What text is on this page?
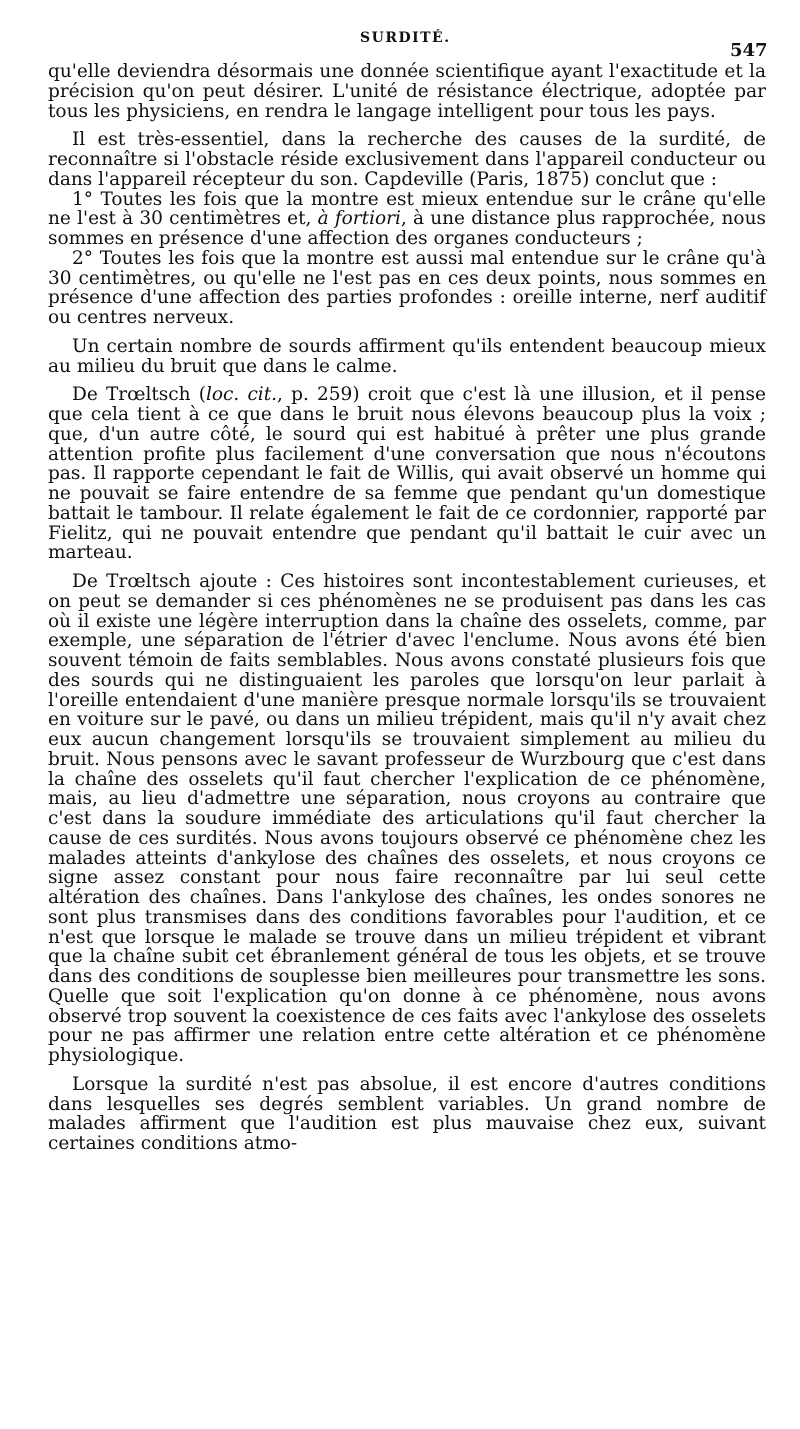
SURDITÉ.
547

qu'elle deviendra désormais une donnée scientifique ayant l'exactitude et la précision qu'on peut désirer. L'unité de résistance électrique, adoptée par tous les physiciens, en rendra le langage intelligent pour tous les pays.

Il est très-essentiel, dans la recherche des causes de la surdité, de reconnaître si l'obstacle réside exclusivement dans l'appareil conducteur ou dans l'appareil récepteur du son. Capdeville (Paris, 1875) conclut que :

1° Toutes les fois que la montre est mieux entendue sur le crâne qu'elle ne l'est à 30 centimètres et, à fortiori, à une distance plus rapprochée, nous sommes en présence d'une affection des organes conducteurs ;

2° Toutes les fois que la montre est aussi mal entendue sur le crâne qu'à 30 centimètres, ou qu'elle ne l'est pas en ces deux points, nous sommes en présence d'une affection des parties profondes : oreille interne, nerf auditif ou centres nerveux.

Un certain nombre de sourds affirment qu'ils entendent beaucoup mieux au milieu du bruit que dans le calme.

De Trœltsch (loc. cit., p. 259) croit que c'est là une illusion, et il pense que cela tient à ce que dans le bruit nous élevons beaucoup plus la voix ; que, d'un autre côté, le sourd qui est habitué à prêter une plus grande attention profite plus facilement d'une conversation que nous n'écoutons pas. Il rapporte cependant le fait de Willis, qui avait observé un homme qui ne pouvait se faire entendre de sa femme que pendant qu'un domestique battait le tambour. Il relate également le fait de ce cordonnier, rapporté par Fielitz, qui ne pouvait entendre que pendant qu'il battait le cuir avec un marteau.

De Trœltsch ajoute : Ces histoires sont incontestablement curieuses, et on peut se demander si ces phénomènes ne se produisent pas dans les cas où il existe une légère interruption dans la chaîne des osselets, comme, par exemple, une séparation de l'étrier d'avec l'enclume. Nous avons été bien souvent témoin de faits semblables. Nous avons constaté plusieurs fois que des sourds qui ne distinguaient les paroles que lorsqu'on leur parlait à l'oreille entendaient d'une manière presque normale lorsqu'ils se trouvaient en voiture sur le pavé, ou dans un milieu trépident, mais qu'il n'y avait chez eux aucun changement lorsqu'ils se trouvaient simplement au milieu du bruit. Nous pensons avec le savant professeur de Wurzbourg que c'est dans la chaîne des osselets qu'il faut chercher l'explication de ce phénomène, mais, au lieu d'admettre une séparation, nous croyons au contraire que c'est dans la soudure immédiate des articulations qu'il faut chercher la cause de ces surdités. Nous avons toujours observé ce phénomène chez les malades atteints d'ankylose des chaînes des osselets, et nous croyons ce signe assez constant pour nous faire reconnaître par lui seul cette altération des chaînes. Dans l'ankylose des chaînes, les ondes sonores ne sont plus transmises dans des conditions favorables pour l'audition, et ce n'est que lorsque le malade se trouve dans un milieu trépident et vibrant que la chaîne subit cet ébranlement général de tous les objets, et se trouve dans des conditions de souplesse bien meilleures pour transmettre les sons. Quelle que soit l'explication qu'on donne à ce phénomène, nous avons observé trop souvent la coexistence de ces faits avec l'ankylose des osselets pour ne pas affirmer une relation entre cette altération et ce phénomène physiologique.

Lorsque la surdité n'est pas absolue, il est encore d'autres conditions dans lesquelles ses degrés semblent variables. Un grand nombre de malades affirment que l'audition est plus mauvaise chez eux, suivant certaines conditions atmo-
